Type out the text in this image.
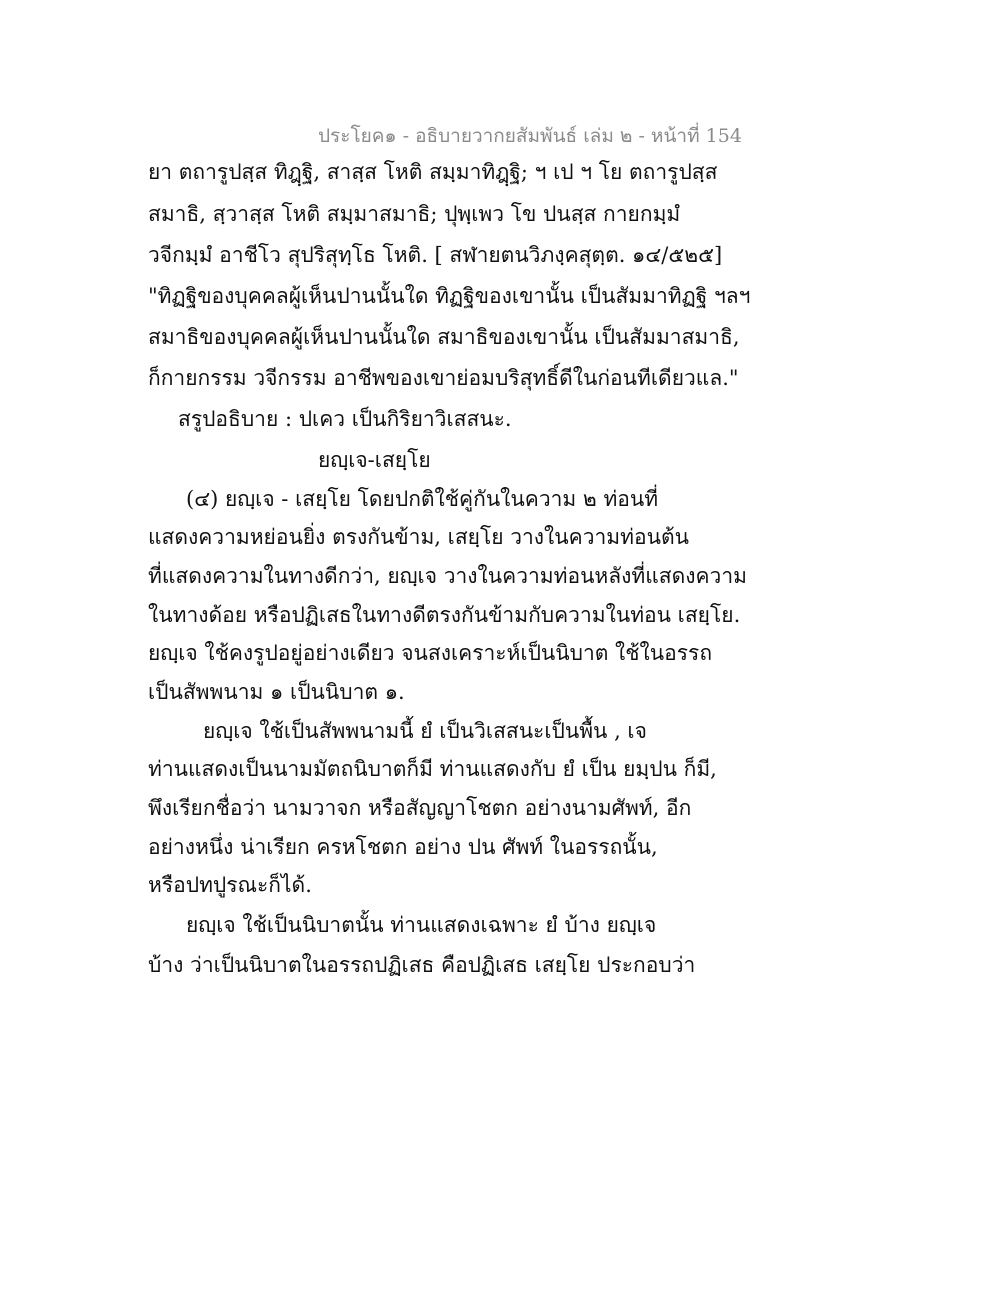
ประโยค๑ - อธิบายวากยสัมพันธ์ เล่ม ๒ - หน้าที่ 154
ยา ตถารูปสฺส ทิฎฺฐิ, สาสฺส โหติ สมฺมาทิฎฺฐิ; ฯ เป ฯ โย ตถารูปสฺส
สมาธิ, สฺวาสฺส โหติ สมฺมาสมาธิ; ปุพฺเพว โข ปนสฺส กายกมฺมํ
วจีกมฺมํ อาชีโว สุปริสุทฺโธ โหติ. [ สฬายตนวิภงฺคสุตฺต. ๑๔/๕๒๕]
"ทิฏฐิของบุคคลผู้เห็นปานนั้นใด ทิฏฐิของเขานั้น เป็นสัมมาทิฏฐิ ฯลฯ
สมาธิของบุคคลผู้เห็นปานนั้นใด สมาธิของเขานั้น เป็นสัมมาสมาธิ,
ก็กายกรรม วจีกรรม อาชีพของเขาย่อมบริสุทธิ์ดีในก่อนทีเดียวแล."
สรูปอธิบาย : ปเคว เป็นกิริยาวิเสสนะ.
ยญฺเจ-เสยฺโย
(๔) ยญฺเจ - เสยฺโย โดยปกติใช้คู่กันในความ ๒ ท่อนที่
แสดงความหย่อนยิ่ง ตรงกันข้าม, เสยฺโย วางในความท่อนต้น
ที่แสดงความในทางดีกว่า, ยญฺเจ วางในความท่อนหลังที่แสดงความ
ในทางด้อย หรือปฏิเสธในทางดีตรงกันข้ามกับความในท่อน เสยฺโย.
ยญฺเจ ใช้คงรูปอยู่อย่างเดียว จนสงเคราะห์เป็นนิบาต ใช้ในอรรถ
เป็นสัพพนาม ๑ เป็นนิบาต ๑.
ยญฺเจ ใช้เป็นสัพพนามนี้ ยํ เป็นวิเสสนะเป็นพื้น , เจ
ท่านแสดงเป็นนามมัตถนิบาตก็มี ท่านแสดงกับ ยํ เป็น ยมฺปน ก็มี,
พึงเรียกชื่อว่า นามวาจก หรือสัญญาโชตก อย่างนามศัพท์, อีก
อย่างหนึ่ง น่าเรียก ครหโชตก อย่าง ปน ศัพท์ ในอรรถนั้น,
หรือปทปูรณะก็ได้.
ยญฺเจ ใช้เป็นนิบาตนั้น ท่านแสดงเฉพาะ ยํ บ้าง ยญฺเจ
บ้าง ว่าเป็นนิบาตในอรรถปฏิเสธ คือปฏิเสธ เสยฺโย ประกอบว่า
